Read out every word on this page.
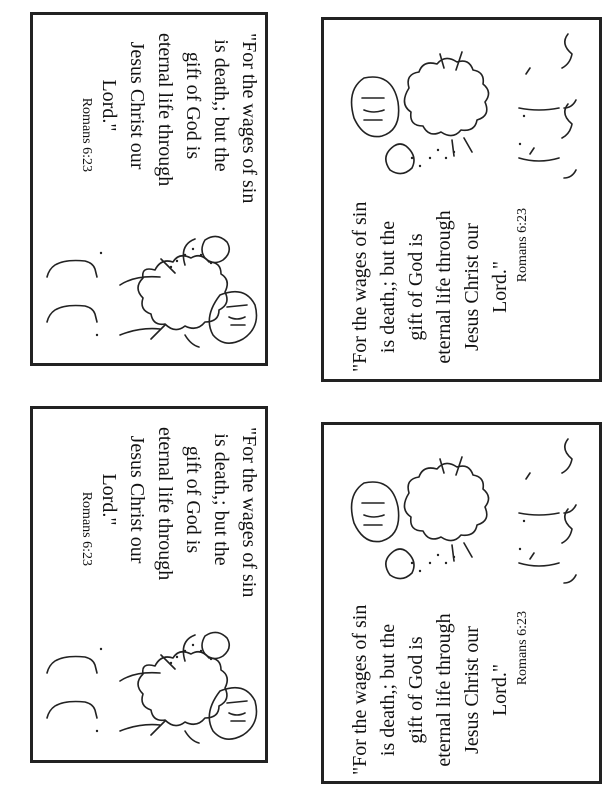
"For the wages of sin
is death,; but the
gift of God is
eternal life through
Jesus Christ our
Lord."
Romans 6:23
"For the wages of sin is death,; but the gift of God is eternal life through Jesus Christ our Lord."
Romans 6:23
"For the wages of sin
is death,; but the
gift of God is
eternal life through
Jesus Christ our
Lord."
Romans 6:23
"For the wages of sin is death,; but the gift of God is eternal life through Jesus Christ our Lord."
Romans 6:23
